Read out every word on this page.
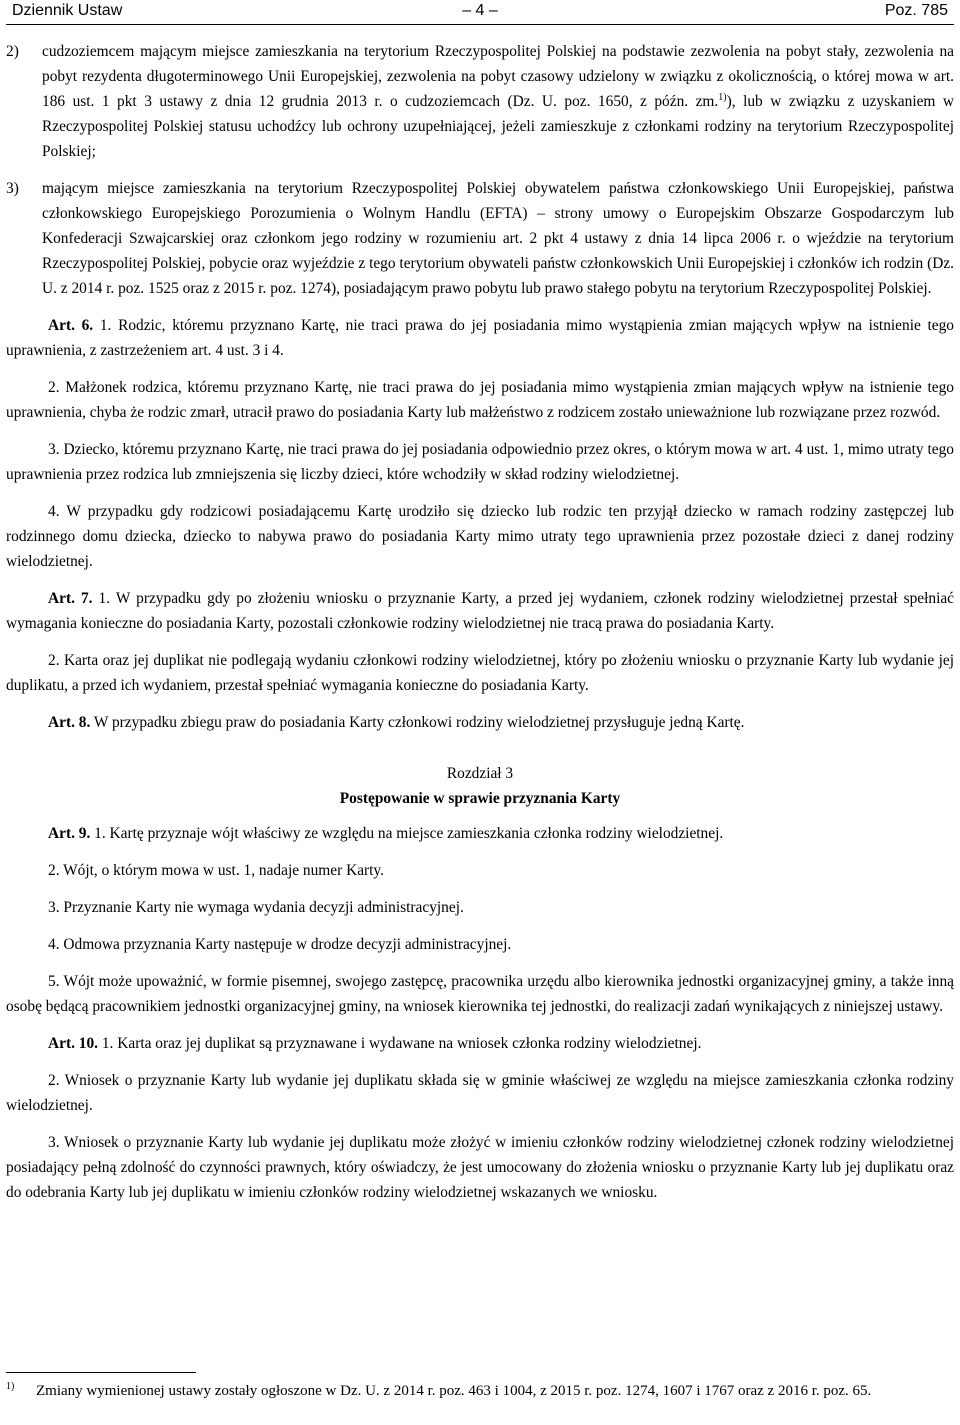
Dziennik Ustaw	– 4 –	Poz. 785
2)	cudzoziemcem mającym miejsce zamieszkania na terytorium Rzeczypospolitej Polskiej na podstawie zezwolenia na pobyt stały, zezwolenia na pobyt rezydenta długoterminowego Unii Europejskiej, zezwolenia na pobyt czasowy udzielony w związku z okolicznością, o której mowa w art. 186 ust. 1 pkt 3 ustawy z dnia 12 grudnia 2013 r. o cudzoziemcach (Dz. U. poz. 1650, z późn. zm.$^{1)}$), lub w związku z uzyskaniem w Rzeczypospolitej Polskiej statusu uchodźcy lub ochrony uzupełniającej, jeżeli zamieszkuje z członkami rodziny na terytorium Rzeczypospolitej Polskiej;
3)	mającym miejsce zamieszkania na terytorium Rzeczypospolitej Polskiej obywatelem państwa członkowskiego Unii Europejskiej, państwa członkowskiego Europejskiego Porozumienia o Wolnym Handlu (EFTA) – strony umowy o Europejskim Obszarze Gospodarczym lub Konfederacji Szwajcarskiej oraz członkom jego rodziny w rozumieniu art. 2 pkt 4 ustawy z dnia 14 lipca 2006 r. o wjeździe na terytorium Rzeczypospolitej Polskiej, pobycie oraz wyjeździe z tego terytorium obywateli państw członkowskich Unii Europejskiej i członków ich rodzin (Dz. U. z 2014 r. poz. 1525 oraz z 2015 r. poz. 1274), posiadającym prawo pobytu lub prawo stałego pobytu na terytorium Rzeczypospolitej Polskiej.

Art. 6. 1. Rodzic, któremu przyznano Kartę, nie traci prawa do jej posiadania mimo wystąpienia zmian mających wpływ na istnienie tego uprawnienia, z zastrzeżeniem art. 4 ust. 3 i 4.

2. Małżonek rodzica, któremu przyznano Kartę, nie traci prawa do jej posiadania mimo wystąpienia zmian mających wpływ na istnienie tego uprawnienia, chyba że rodzic zmarł, utracił prawo do posiadania Karty lub małżeństwo z rodzicem zostało unieważnione lub rozwiązane przez rozwód.

3. Dziecko, któremu przyznano Kartę, nie traci prawa do jej posiadania odpowiednio przez okres, o którym mowa w art. 4 ust. 1, mimo utraty tego uprawnienia przez rodzica lub zmniejszenia się liczby dzieci, które wchodziły w skład rodziny wielodzietnej.

4. W przypadku gdy rodzicowi posiadającemu Kartę urodziło się dziecko lub rodzic ten przyjął dziecko w ramach rodziny zastępczej lub rodzinnego domu dziecka, dziecko to nabywa prawo do posiadania Karty mimo utraty tego uprawnienia przez pozostałe dzieci z danej rodziny wielodzietnej.

Art. 7. 1. W przypadku gdy po złożeniu wniosku o przyznanie Karty, a przed jej wydaniem, członek rodziny wielodzietnej przestał spełniać wymagania konieczne do posiadania Karty, pozostali członkowie rodziny wielodzietnej nie tracą prawa do posiadania Karty.

2. Karta oraz jej duplikat nie podlegają wydaniu członkowi rodziny wielodzietnej, który po złożeniu wniosku o przyznanie Karty lub wydanie jej duplikatu, a przed ich wydaniem, przestał spełniać wymagania konieczne do posiadania Karty.

Art. 8. W przypadku zbiegu praw do posiadania Karty członkowi rodziny wielodzietnej przysługuje jedną Kartę.

Rozdział 3
Postępowanie w sprawie przyznania Karty

Art. 9. 1. Kartę przyznaje wójt właściwy ze względu na miejsce zamieszkania członka rodziny wielodzietnej.

2. Wójt, o którym mowa w ust. 1, nadaje numer Karty.

3. Przyznanie Karty nie wymaga wydania decyzji administracyjnej.

4. Odmowa przyznania Karty następuje w drodze decyzji administracyjnej.

5. Wójt może upoważnić, w formie pisemnej, swojego zastępcę, pracownika urzędu albo kierownika jednostki organizacyjnej gminy, a także inną osobę będącą pracownikiem jednostki organizacyjnej gminy, na wniosek kierownika tej jednostki, do realizacji zadań wynikających z niniejszej ustawy.

Art. 10. 1. Karta oraz jej duplikat są przyznawane i wydawane na wniosek członka rodziny wielodzietnej.

2. Wniosek o przyznanie Karty lub wydanie jej duplikatu składa się w gminie właściwej ze względu na miejsce zamieszkania członka rodziny wielodzietnej.

3. Wniosek o przyznanie Karty lub wydanie jej duplikatu może złożyć w imieniu członków rodziny wielodzietnej członek rodziny wielodzietnej posiadający pełną zdolność do czynności prawnych, który oświadczy, że jest umocowany do złożenia wniosku o przyznanie Karty lub jej duplikatu oraz do odebrania Karty lub jej duplikatu w imieniu członków rodziny wielodzietnej wskazanych we wniosku.

1)	Zmiany wymienionej ustawy zostały ogłoszone w Dz. U. z 2014 r. poz. 463 i 1004, z 2015 r. poz. 1274, 1607 i 1767 oraz z 2016 r. poz. 65.
